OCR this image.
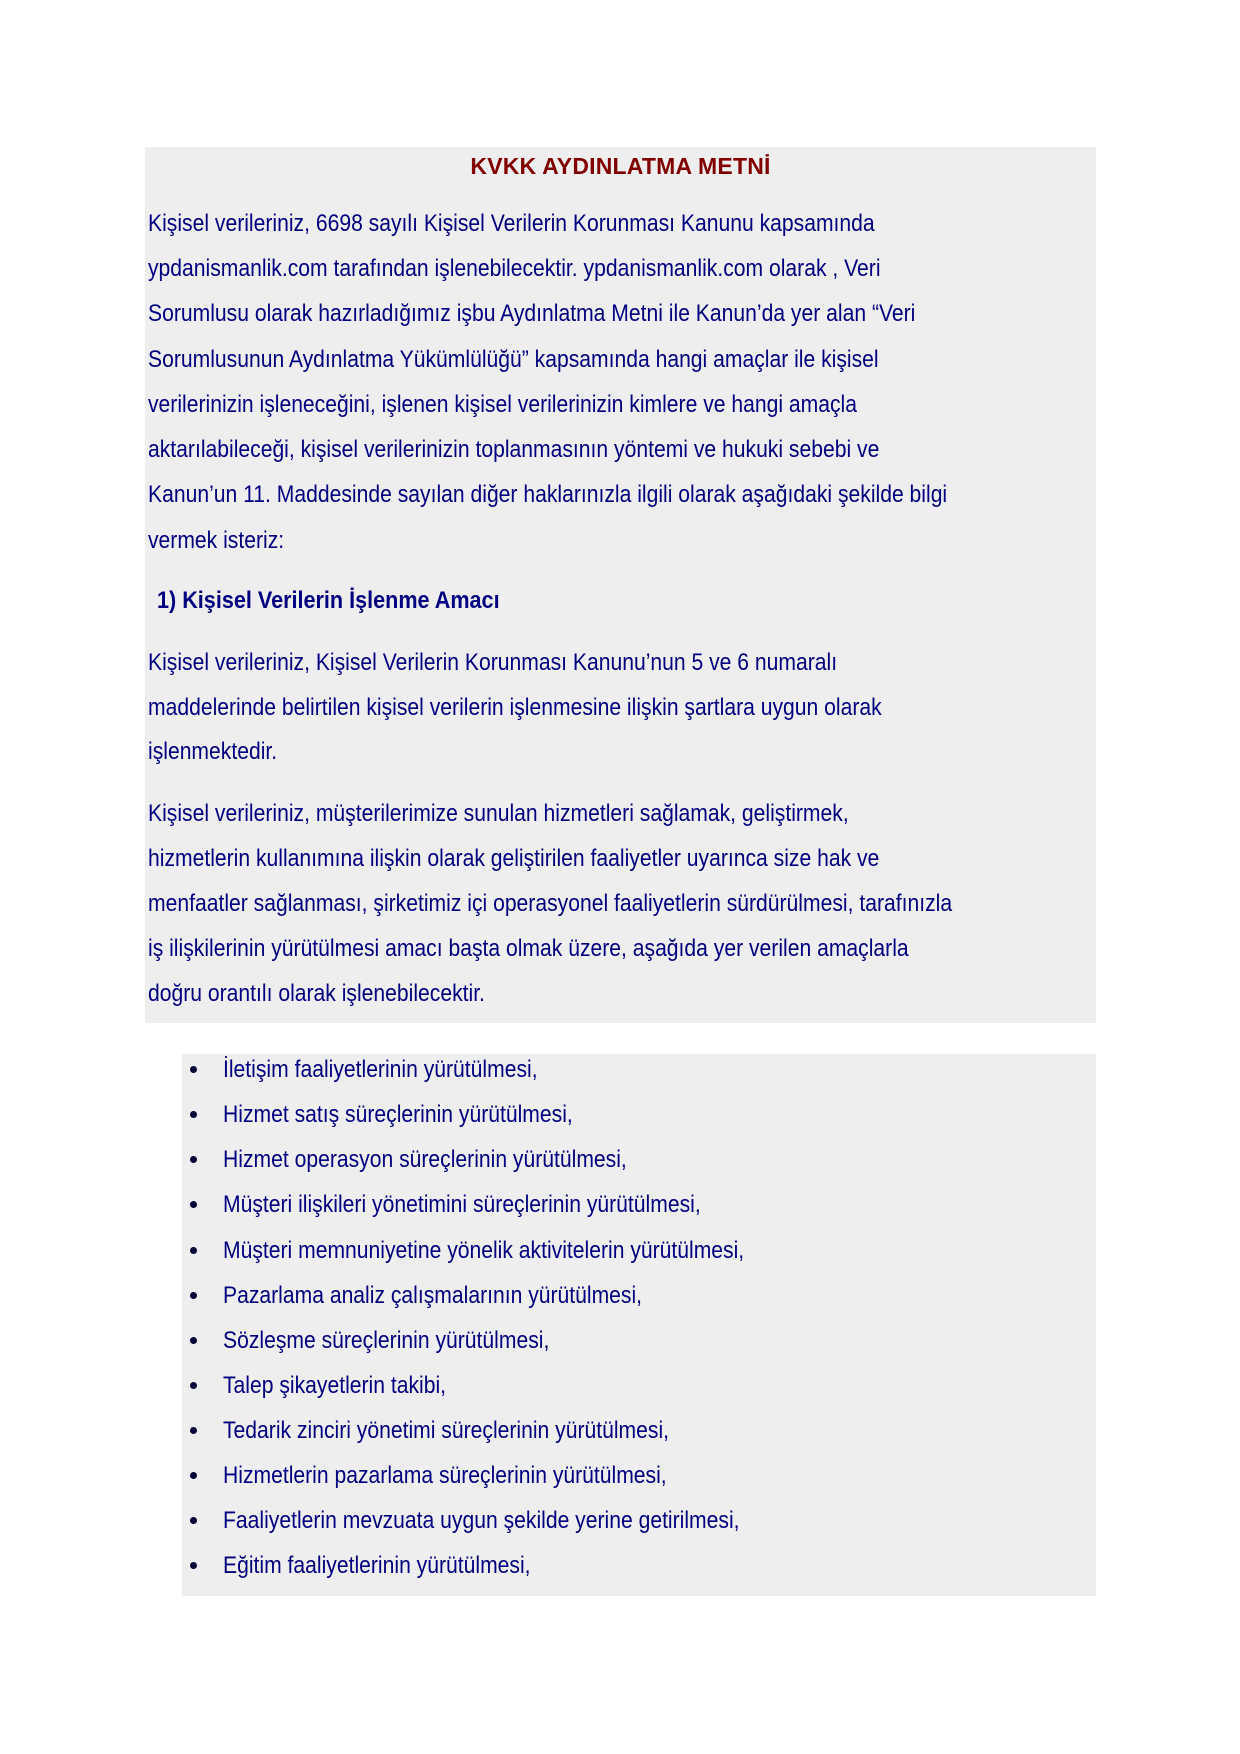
KVKK AYDINLATMA METNİ
Kişisel verileriniz, 6698 sayılı Kişisel Verilerin Korunması Kanunu kapsamında
ypdanismanlik.com tarafından işlenebilecektir. ypdanismanlik.com olarak , Veri
Sorumlusu olarak hazırladığımız işbu Aydınlatma Metni ile Kanun’da yer alan “Veri
Sorumlusunun Aydınlatma Yükümlülüğü” kapsamında hangi amaçlar ile kişisel
verilerinizin işleneceğini, işlenen kişisel verilerinizin kimlere ve hangi amaçla
aktarılabileceği, kişisel verilerinizin toplanmasının yöntemi ve hukuki sebebi ve
Kanun’un 11. Maddesinde sayılan diğer haklarınızla ilgili olarak aşağıdaki şekilde bilgi
vermek isteriz:
1) Kişisel Verilerin İşlenme Amacı
Kişisel verileriniz, Kişisel Verilerin Korunması Kanunu’nun 5 ve 6 numaralı
maddelerinde belirtilen kişisel verilerin işlenmesine ilişkin şartlara uygun olarak
işlenmektedir.
Kişisel verileriniz, müşterilerimize sunulan hizmetleri sağlamak, geliştirmek,
hizmetlerin kullanımına ilişkin olarak geliştirilen faaliyetler uyarınca size hak ve
menfaatler sağlanması, şirketimiz içi operasyonel faaliyetlerin sürdürülmesi, tarafınızla
iş ilişkilerinin yürütülmesi amacı başta olmak üzere, aşağıda yer verilen amaçlarla
doğru orantılı olarak işlenebilecektir.
İletişim faaliyetlerinin yürütülmesi,
Hizmet satış süreçlerinin yürütülmesi,
Hizmet operasyon süreçlerinin yürütülmesi,
Müşteri ilişkileri yönetimini süreçlerinin yürütülmesi,
Müşteri memnuniyetine yönelik aktivitelerin yürütülmesi,
Pazarlama analiz çalışmalarının yürütülmesi,
Sözleşme süreçlerinin yürütülmesi,
Talep şikayetlerin takibi,
Tedarik zinciri yönetimi süreçlerinin yürütülmesi,
Hizmetlerin pazarlama süreçlerinin yürütülmesi,
Faaliyetlerin mevzuata uygun şekilde yerine getirilmesi,
Eğitim faaliyetlerinin yürütülmesi,
